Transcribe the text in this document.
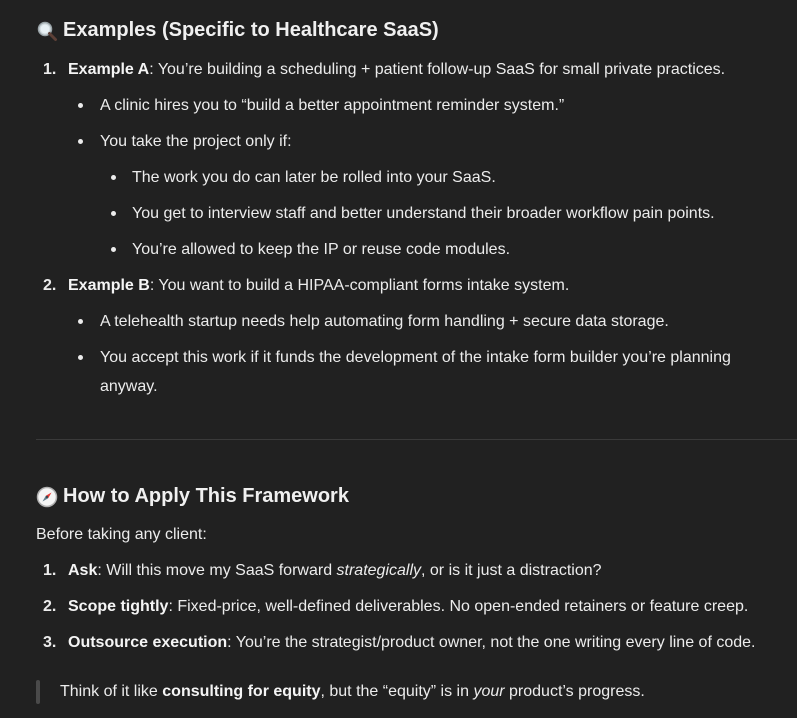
Examples (Specific to Healthcare SaaS)
1. Example A: You’re building a scheduling + patient follow-up SaaS for small private practices.
A clinic hires you to “build a better appointment reminder system.”
You take the project only if:
The work you do can later be rolled into your SaaS.
You get to interview staff and better understand their broader workflow pain points.
You’re allowed to keep the IP or reuse code modules.
2. Example B: You want to build a HIPAA-compliant forms intake system.
A telehealth startup needs help automating form handling + secure data storage.
You accept this work if it funds the development of the intake form builder you’re planning
anyway.
How to Apply This Framework
Before taking any client:
1. Ask: Will this move my SaaS forward strategically, or is it just a distraction?
2. Scope tightly: Fixed-price, well-defined deliverables. No open-ended retainers or feature creep.
3. Outsource execution: You’re the strategist/product owner, not the one writing every line of code.
Think of it like consulting for equity, but the “equity” is in your product’s progress.
